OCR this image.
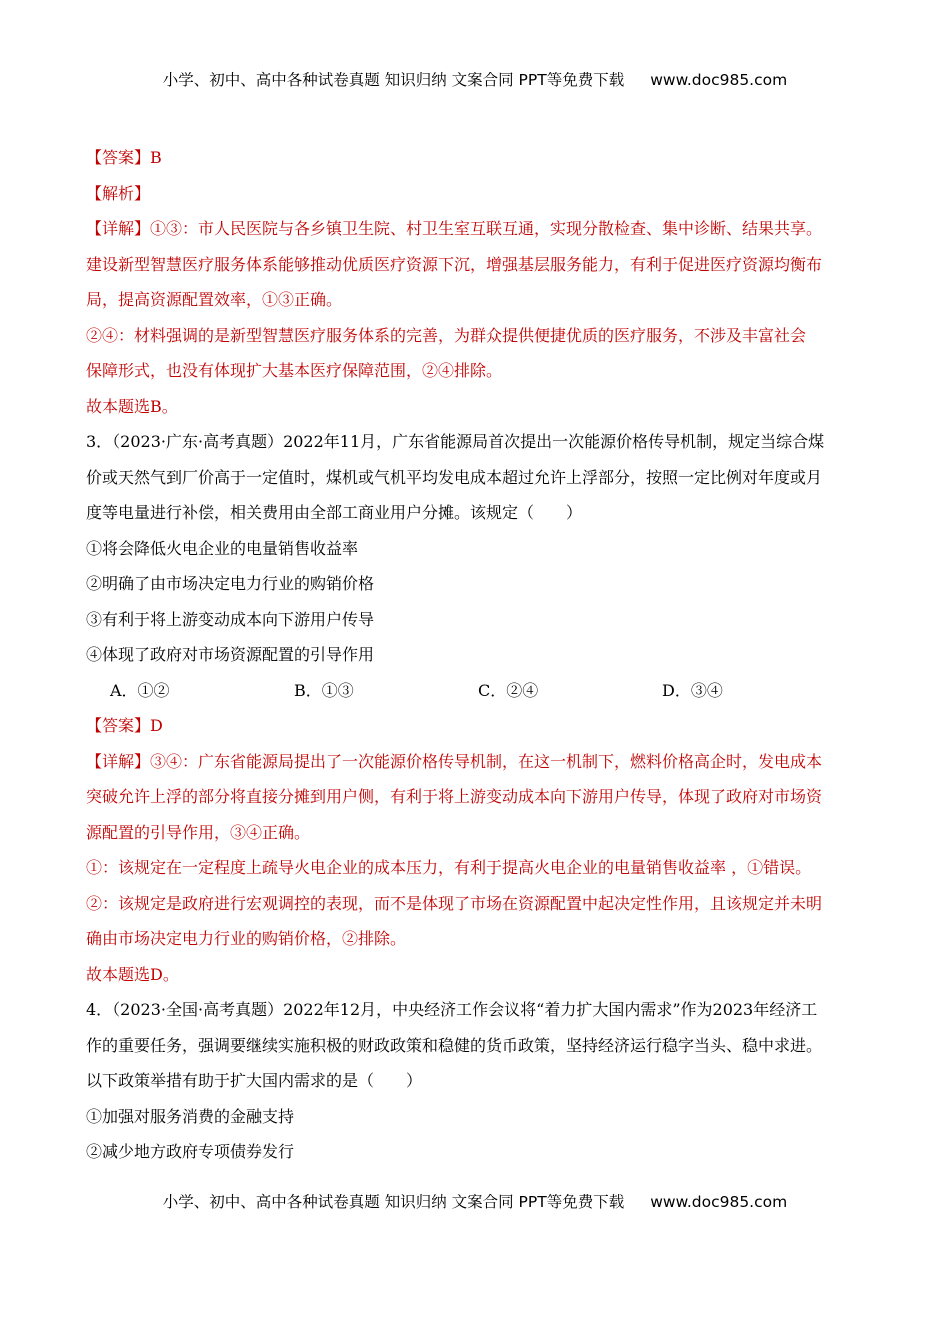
小学、初中、高中各种试卷真题 知识归纳 文案合同 PPT等免费下载 www.doc985.com
【答案】B
【解析】
【详解】①③：市人民医院与各乡镇卫生院、村卫生室互联互通，实现分散检查、集中诊断、结果共享。
建设新型智慧医疗服务体系能够推动优质医疗资源下沉，增强基层服务能力，有利于促进医疗资源均衡布
局，提高资源配置效率，①③正确。
②④：材料强调的是新型智慧医疗服务体系的完善，为群众提供便捷优质的医疗服务，不涉及丰富社会
保障形式，也没有体现扩大基本医疗保障范围，②④排除。
故本题选B。
3．（2023·广东·高考真题）2022年11月，广东省能源局首次提出一次能源价格传导机制，规定当综合煤
价或天然气到厂价高于一定值时，煤机或气机平均发电成本超过允许上浮部分，按照一定比例对年度或月
度等电量进行补偿，相关费用由全部工商业用户分摊。该规定（　　）
①将会降低火电企业的电量销售收益率
②明确了由市场决定电力行业的购销价格
③有利于将上游变动成本向下游用户传导
④体现了政府对市场资源配置的引导作用
A．①②	B．①③	C．②④	D．③④
【答案】D
【详解】③④：广东省能源局提出了一次能源价格传导机制，在这一机制下，燃料价格高企时，发电成本
突破允许上浮的部分将直接分摊到用户侧，有利于将上游变动成本向下游用户传导，体现了政府对市场资
源配置的引导作用，③④正确。
①：该规定在一定程度上疏导火电企业的成本压力，有利于提高火电企业的电量销售收益率 ，①错误。
②：该规定是政府进行宏观调控的表现，而不是体现了市场在资源配置中起决定性作用，且该规定并未明
确由市场决定电力行业的购销价格，②排除。
故本题选D。
4．（2023·全国·高考真题）2022年12月，中央经济工作会议将“着力扩大国内需求”作为2023年经济工
作的重要任务，强调要继续实施积极的财政政策和稳健的货币政策，坚持经济运行稳字当头、稳中求进。
以下政策举措有助于扩大国内需求的是（　　）
①加强对服务消费的金融支持
②减少地方政府专项债券发行
小学、初中、高中各种试卷真题 知识归纳 文案合同 PPT等免费下载 www.doc985.com
